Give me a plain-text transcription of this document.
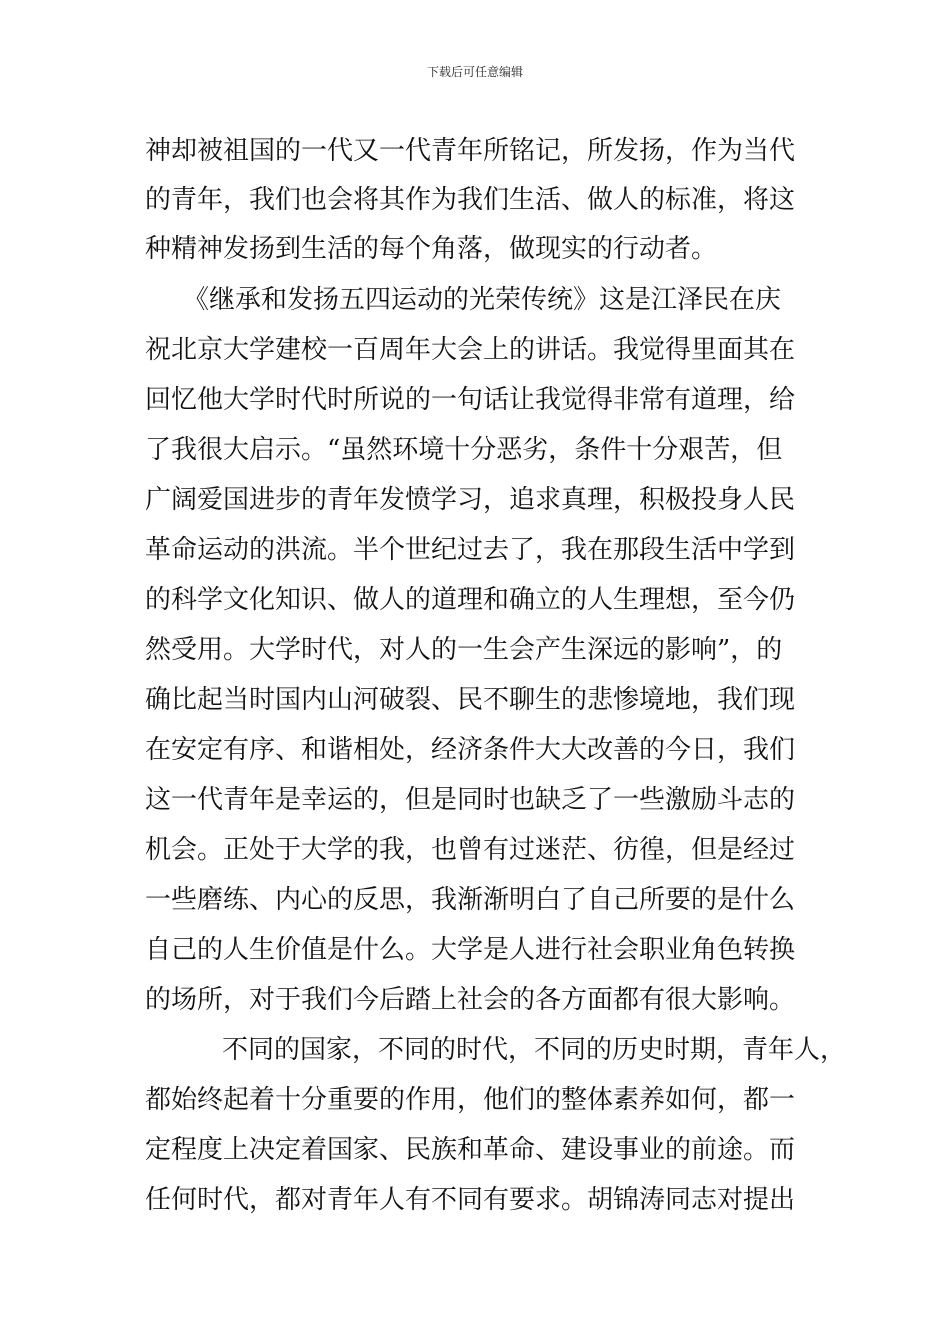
下载后可任意编辑
神却被祖国的一代又一代青年所铭记，所发扬，作为当代
的青年，我们也会将其作为我们生活、做人的标准，将这
种精神发扬到生活的每个角落，做现实的行动者。
　《继承和发扬五四运动的光荣传统》这是江泽民在庆
祝北京大学建校一百周年大会上的讲话。我觉得里面其在
回忆他大学时代时所说的一句话让我觉得非常有道理，给
了我很大启示。“虽然环境十分恶劣，条件十分艰苦，但
广阔爱国进步的青年发愤学习，追求真理，积极投身人民
革命运动的洪流。半个世纪过去了，我在那段生活中学到
的科学文化知识、做人的道理和确立的人生理想，至今仍
然受用。大学时代，对人的一生会产生深远的影响”，的
确比起当时国内山河破裂、民不聊生的悲惨境地，我们现
在安定有序、和谐相处，经济条件大大改善的今日，我们
这一代青年是幸运的，但是同时也缺乏了一些激励斗志的
机会。正处于大学的我，也曾有过迷茫、彷徨，但是经过
一些磨练、内心的反思，我渐渐明白了自己所要的是什么
自己的人生价值是什么。大学是人进行社会职业角色转换
的场所，对于我们今后踏上社会的各方面都有很大影响。
　　不同的国家，不同的时代，不同的历史时期，青年人，
都始终起着十分重要的作用，他们的整体素养如何，都一
定程度上决定着国家、民族和革命、建设事业的前途。而
任何时代，都对青年人有不同有要求。胡锦涛同志对提出
